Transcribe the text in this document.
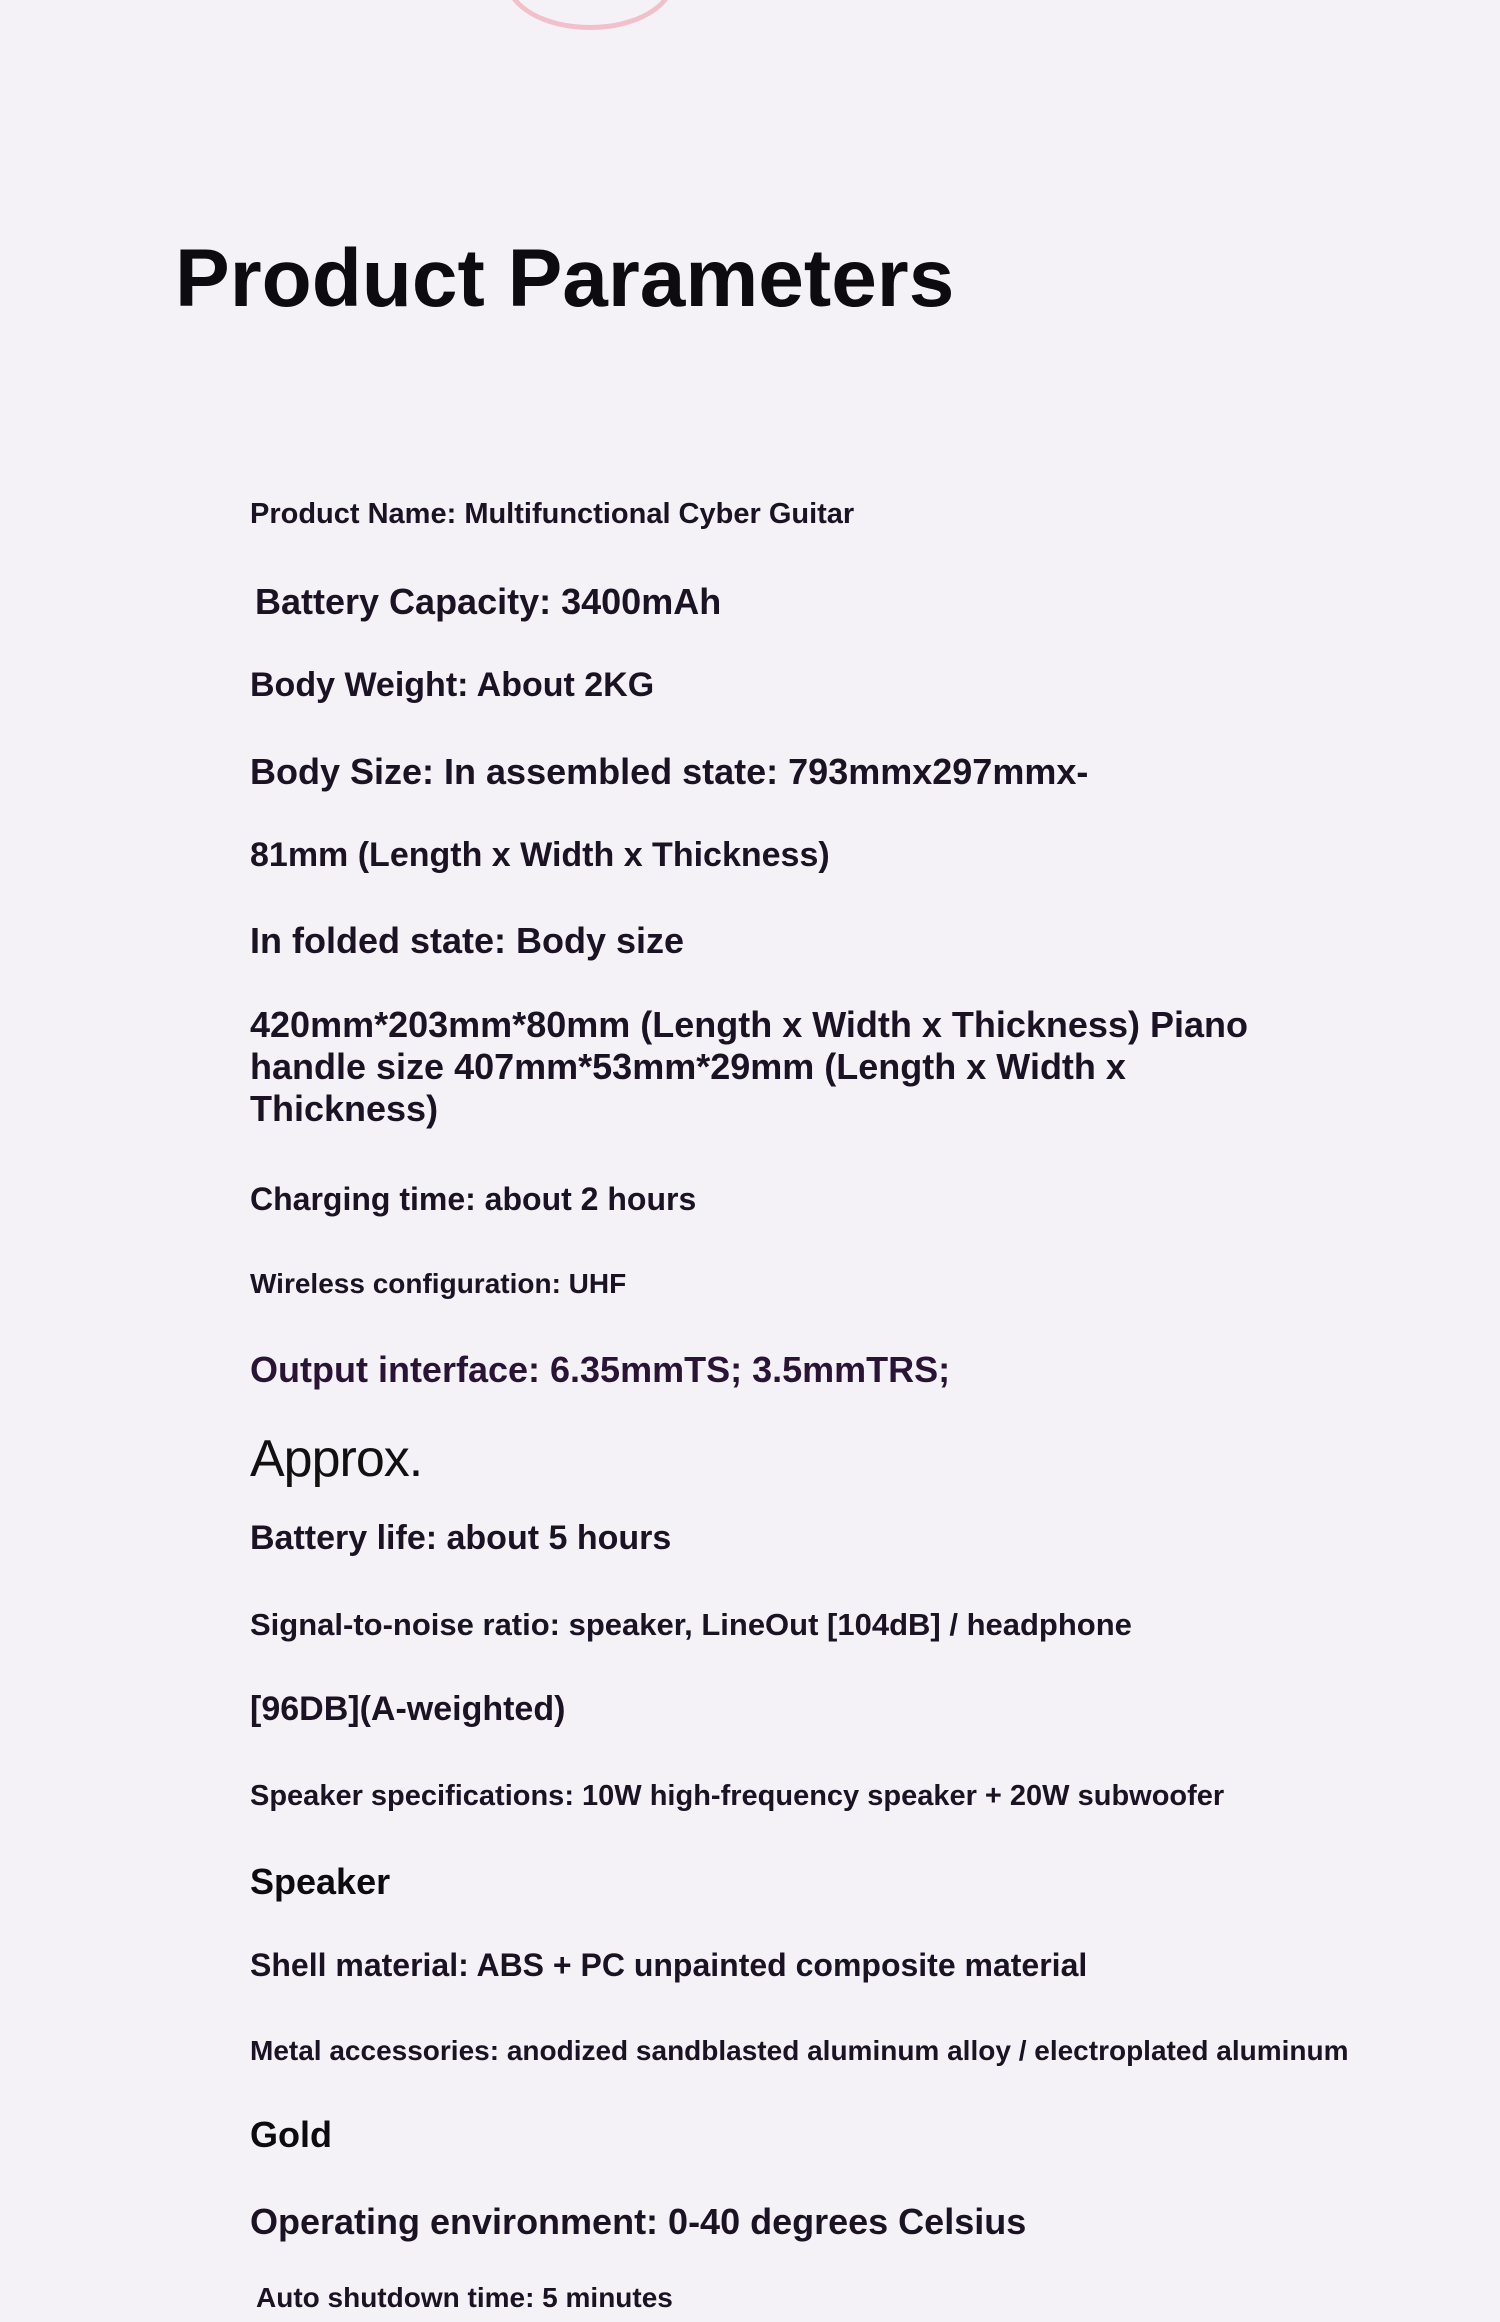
Product Parameters

Product Name: Multifunctional Cyber Guitar

Battery Capacity: 3400mAh

Body Weight: About 2KG

Body Size: In assembled state: 793mmx297mmx-

81mm (Length x Width x Thickness)

In folded state: Body size

420mm*203mm*80mm (Length x Width x Thickness) Piano handle size 407mm*53mm*29mm (Length x Width x Thickness)

Charging time: about 2 hours

Wireless configuration: UHF

Output interface: 6.35mmTS; 3.5mmTRS;

Approx.

Battery life: about 5 hours

Signal-to-noise ratio: speaker, LineOut [104dB] / headphone

[96DB](A-weighted)

Speaker specifications: 10W high-frequency speaker + 20W subwoofer

Speaker

Shell material: ABS + PC unpainted composite material

Metal accessories: anodized sandblasted aluminum alloy / electroplated aluminum

Gold

Operating environment: 0-40 degrees Celsius

Auto shutdown time: 5 minutes
